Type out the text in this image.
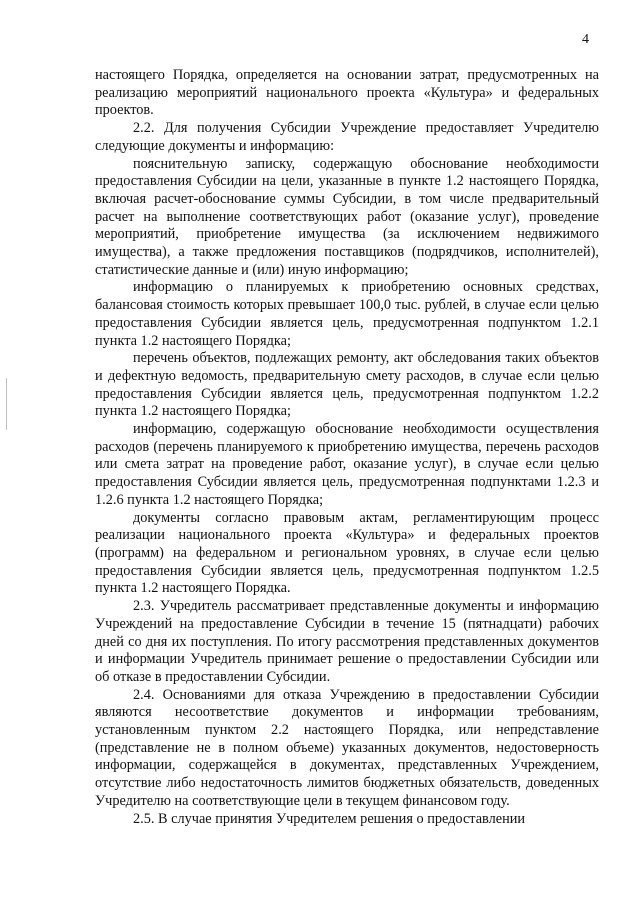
4

настоящего Порядка, определяется на основании затрат, предусмотренных на реализацию мероприятий национального проекта «Культура» и федеральных проектов.

2.2. Для получения Субсидии Учреждение предоставляет Учредителю следующие документы и информацию:

пояснительную записку, содержащую обоснование необходимости предоставления Субсидии на цели, указанные в пункте 1.2 настоящего Порядка, включая расчет-обоснование суммы Субсидии, в том числе предварительный расчет на выполнение соответствующих работ (оказание услуг), проведение мероприятий, приобретение имущества (за исключением недвижимого имущества), а также предложения поставщиков (подрядчиков, исполнителей), статистические данные и (или) иную информацию;

информацию о планируемых к приобретению основных средствах, балансовая стоимость которых превышает 100,0 тыс. рублей, в случае если целью предоставления Субсидии является цель, предусмотренная подпунктом 1.2.1 пункта 1.2 настоящего Порядка;

перечень объектов, подлежащих ремонту, акт обследования таких объектов и дефектную ведомость, предварительную смету расходов, в случае если целью предоставления Субсидии является цель, предусмотренная подпунктом 1.2.2 пункта 1.2 настоящего Порядка;

информацию, содержащую обоснование необходимости осуществления расходов (перечень планируемого к приобретению имущества, перечень расходов или смета затрат на проведение работ, оказание услуг), в случае если целью предоставления Субсидии является цель, предусмотренная подпунктами 1.2.3 и 1.2.6 пункта 1.2 настоящего Порядка;

документы согласно правовым актам, регламентирующим процесс реализации национального проекта «Культура» и федеральных проектов (программ) на федеральном и региональном уровнях, в случае если целью предоставления Субсидии является цель, предусмотренная подпунктом 1.2.5 пункта 1.2 настоящего Порядка.

2.3. Учредитель рассматривает представленные документы и информацию Учреждений на предоставление Субсидии в течение 15 (пятнадцати) рабочих дней со дня их поступления. По итогу рассмотрения представленных документов и информации Учредитель принимает решение о предоставлении Субсидии или об отказе в предоставлении Субсидии.

2.4. Основаниями для отказа Учреждению в предоставлении Субсидии являются несоответствие документов и информации требованиям, установленным пунктом 2.2 настоящего Порядка, или непредставление (представление не в полном объеме) указанных документов, недостоверность информации, содержащейся в документах, представленных Учреждением, отсутствие либо недостаточность лимитов бюджетных обязательств, доведенных Учредителю на соответствующие цели в текущем финансовом году.

2.5. В случае принятия Учредителем решения о предоставлении
